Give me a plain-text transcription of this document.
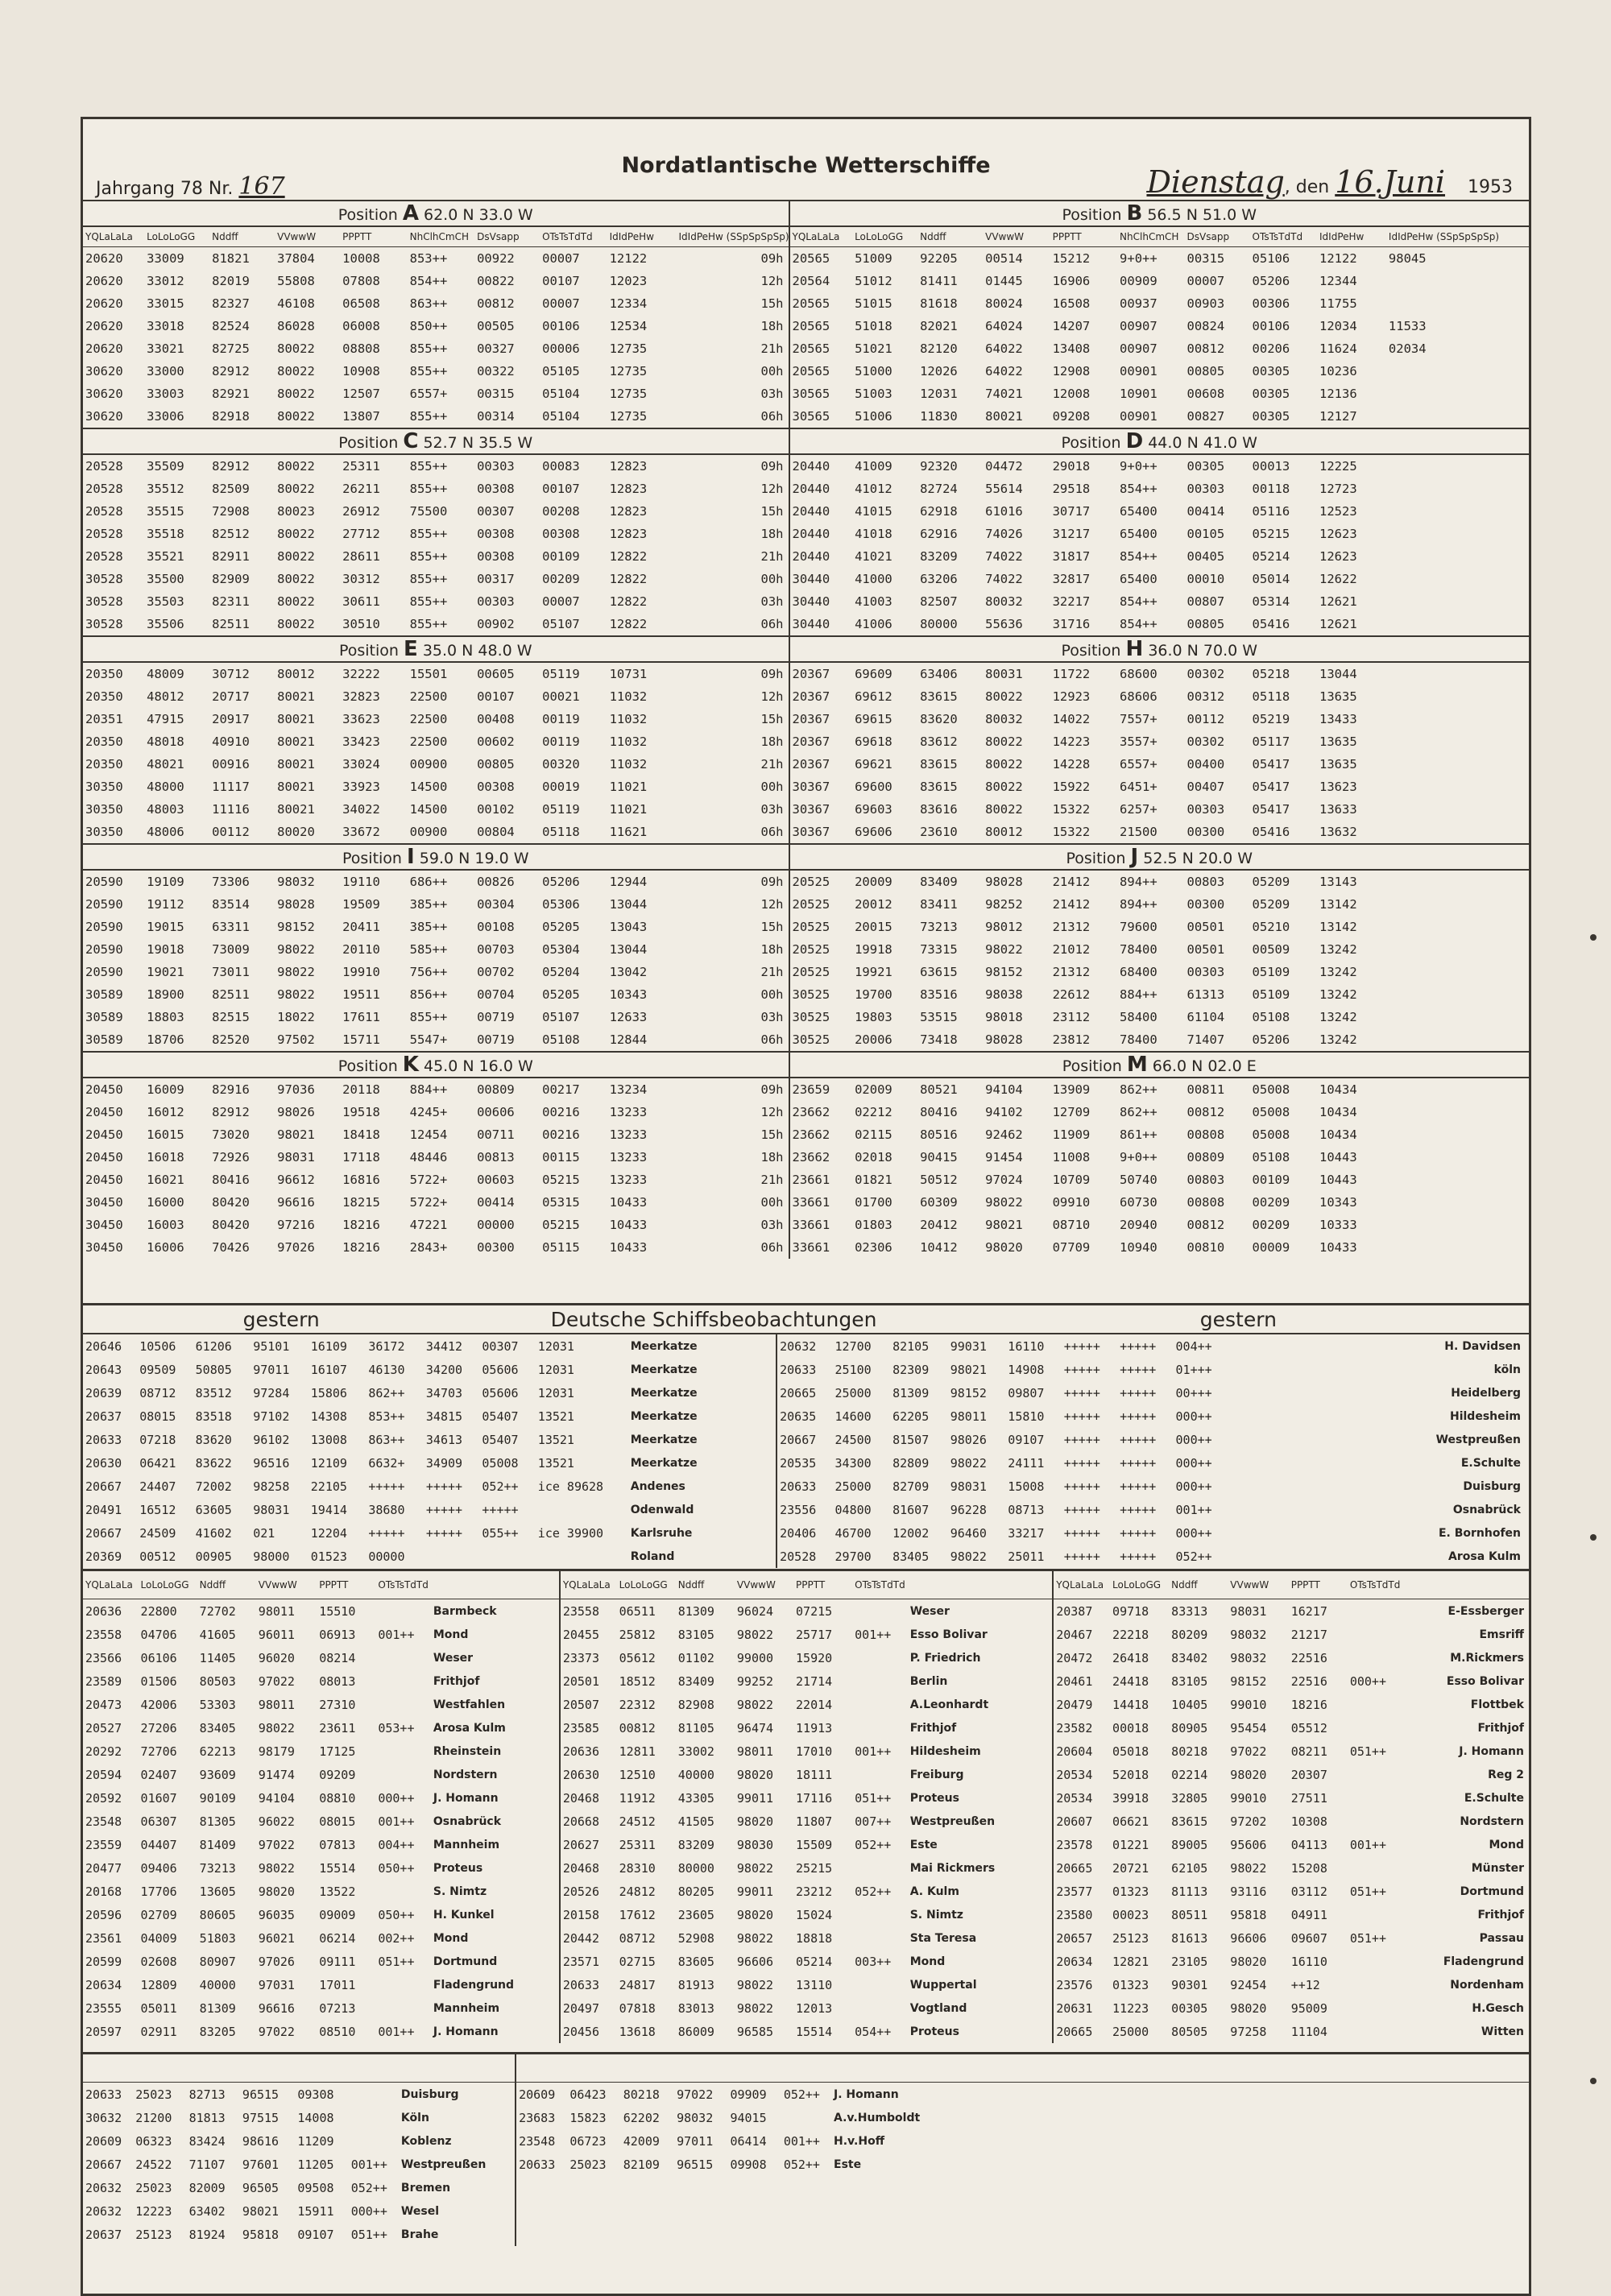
Jahrgang 78 Nr. 167
Nordatlantische Wetterschiffe	Dienstag, den 16.Juni 1953
Position A 62.0 N 33.0 W											Position B 56.5 N 51.0 W										
YQLaLaLa	LoLoLoGG	Nddff	VVwwW	PPPTT	NhClhCmCH	DsVsapp	OTsTsTdTd	IdIdPeHw	IdIdPeHw (SSpSpSpSp)		YQLaLaLa	LoLoLoGG	Nddff	VVwwW	PPPTT	NhClhCmCH	DsVsapp	OTsTsTdTd	IdIdPeHw	IdIdPeHw (SSpSpSpSp)	
20620	33009	81821	37804	10008	853++	00922	00007	12122		09h	20565	51009	92205	00514	15212	9+0++	00315	05106	12122	98045	
20620	33012	82019	55808	07808	854++	00822	00107	12023		12h	20564	51012	81411	01445	16906	00909	00007	05206	12344		
20620	33015	82327	46108	06508	863++	00812	00007	12334		15h	20565	51015	81618	80024	16508	00937	00903	00306	11755		
20620	33018	82524	86028	06008	850++	00505	00106	12534		18h	20565	51018	82021	64024	14207	00907	00824	00106	12034	11533	
20620	33021	82725	80022	08808	855++	00327	00006	12735		21h	20565	51021	82120	64022	13408	00907	00812	00206	11624	02034	
30620	33000	82912	80022	10908	855++	00322	05105	12735		00h	20565	51000	12026	64022	12908	00901	00805	00305	10236		
30620	33003	82921	80022	12507	6557+	00315	05104	12735		03h	30565	51003	12031	74021	12008	10901	00608	00305	12136		
30620	33006	82918	80022	13807	855++	00314	05104	12735		06h	30565	51006	11830	80021	09208	00901	00827	00305	12127		
Position C 52.7 N 35.5 W											Position D 44.0 N 41.0 W										
20528	35509	82912	80022	25311	855++	00303	00083	12823		09h	20440	41009	92320	04472	29018	9+0++	00305	00013	12225		
20528	35512	82509	80022	26211	855++	00308	00107	12823		12h	20440	41012	82724	55614	29518	854++	00303	00118	12723		
20528	35515	72908	80023	26912	75500	00307	00208	12823		15h	20440	41015	62918	61016	30717	65400	00414	05116	12523		
20528	35518	82512	80022	27712	855++	00308	00308	12823		18h	20440	41018	62916	74026	31217	65400	00105	05215	12623		
20528	35521	82911	80022	28611	855++	00308	00109	12822		21h	20440	41021	83209	74022	31817	854++	00405	05214	12623		
30528	35500	82909	80022	30312	855++	00317	00209	12822		00h	30440	41000	63206	74022	32817	65400	00010	05014	12622		
30528	35503	82311	80022	30611	855++	00303	00007	12822		03h	30440	41003	82507	80032	32217	854++	00807	05314	12621		
30528	35506	82511	80022	30510	855++	00902	05107	12822		06h	30440	41006	80000	55636	31716	854++	00805	05416	12621		
Position E 35.0 N 48.0 W											Position H 36.0 N 70.0 W										
20350	48009	30712	80012	32222	15501	00605	05119	10731		09h	20367	69609	63406	80031	11722	68600	00302	05218	13044		
20350	48012	20717	80021	32823	22500	00107	00021	11032		12h	20367	69612	83615	80022	12923	68606	00312	05118	13635		
20351	47915	20917	80021	33623	22500	00408	00119	11032		15h	20367	69615	83620	80032	14022	7557+	00112	05219	13433		
20350	48018	40910	80021	33423	22500	00602	00119	11032		18h	20367	69618	83612	80022	14223	3557+	00302	05117	13635		
20350	48021	00916	80021	33024	00900	00805	00320	11032		21h	20367	69621	83615	80022	14228	6557+	00400	05417	13635		
30350	48000	11117	80021	33923	14500	00308	00019	11021		00h	30367	69600	83615	80022	15922	6451+	00407	05417	13623		
30350	48003	11116	80021	34022	14500	00102	05119	11021		03h	30367	69603	83616	80022	15322	6257+	00303	05417	13633		
30350	48006	00112	80020	33672	00900	00804	05118	11621		06h	30367	69606	23610	80012	15322	21500	00300	05416	13632		
Position I 59.0 N 19.0 W											Position J 52.5 N 20.0 W										
20590	19109	73306	98032	19110	686++	00826	05206	12944		09h	20525	20009	83409	98028	21412	894++	00803	05209	13143		
20590	19112	83514	98028	19509	385++	00304	05306	13044		12h	20525	20012	83411	98252	21412	894++	00300	05209	13142		
20590	19015	63311	98152	20411	385++	00108	05205	13043		15h	20525	20015	73213	98012	21312	79600	00501	05210	13142		
20590	19018	73009	98022	20110	585++	00703	05304	13044		18h	20525	19918	73315	98022	21012	78400	00501	00509	13242		
20590	19021	73011	98022	19910	756++	00702	05204	13042		21h	20525	19921	63615	98152	21312	68400	00303	05109	13242		
30589	18900	82511	98022	19511	856++	00704	05205	10343		00h	30525	19700	83516	98038	22612	884++	61313	05109	13242		
30589	18803	82515	18022	17611	855++	00719	05107	12633		03h	30525	19803	53515	98018	23112	58400	61104	05108	13242		
30589	18706	82520	97502	15711	5547+	00719	05108	12844		06h	30525	20006	73418	98028	23812	78400	71407	05206	13242		
Position K 45.0 N 16.0 W											Position M 66.0 N 02.0 E										
20450	16009	82916	97036	20118	884++	00809	00217	13234		09h	23659	02009	80521	94104	13909	862++	00811	05008	10434		
20450	16012	82912	98026	19518	4245+	00606	00216	13233		12h	23662	02212	80416	94102	12709	862++	00812	05008	10434		
20450	16015	73020	98021	18418	12454	00711	00216	13233		15h	23662	02115	80516	92462	11909	861++	00808	05008	10434		
20450	16018	72926	98031	17118	48446	00813	00115	13233		18h	23662	02018	90415	91454	11008	9+0++	00809	05108	10443		
20450	16021	80416	96612	16816	5722+	00603	05215	13233		21h	23661	01821	50512	97024	10709	50740	00803	00109	10443		
30450	16000	80420	96616	18215	5722+	00414	05315	10433		00h	33661	01700	60309	98022	09910	60730	00808	00209	10343		
30450	16003	80420	97216	18216	47221	00000	05215	10433		03h	33661	01803	20412	98021	08710	20940	00812	00209	10333		
30450	16006	70426	97026	18216	2843+	00300	05115	10433		06h	33661	02306	10412	98020	07709	10940	00810	00009	10433		
gestern							Deutsche Schiffsbeobachtungen						gestern					
20646	10506	61206	95101	16109	36172	34412	00307	12031	Meerkatze	20632	12700	82105	99031	16110	+++++	+++++	004++	H. Davidsen
20643	09509	50805	97011	16107	46130	34200	05606	12031	Meerkatze	20633	25100	82309	98021	14908	+++++	+++++	01+++	köln
20639	08712	83512	97284	15806	862++	34703	05606	12031	Meerkatze	20665	25000	81309	98152	09807	+++++	+++++	00+++	Heidelberg
20637	08015	83518	97102	14308	853++	34815	05407	13521	Meerkatze	20635	14600	62205	98011	15810	+++++	+++++	000++	Hildesheim
20633	07218	83620	96102	13008	863++	34613	05407	13521	Meerkatze	20667	24500	81507	98026	09107	+++++	+++++	000++	Westpreußen
20630	06421	83622	96516	12109	6632+	34909	05008	13521	Meerkatze	20535	34300	82809	98022	24111	+++++	+++++	000++	E.Schulte
20667	24407	72002	98258	22105	+++++	+++++	052++	ice 89628	Andenes	20633	25000	82709	98031	15008	+++++	+++++	000++	Duisburg
20491	16512	63605	98031	19414	38680	+++++	+++++		Odenwald	23556	04800	81607	96228	08713	+++++	+++++	001++	Osnabrück
20667	24509	41602	021	12204	+++++	+++++	055++	ice 39900	Karlsruhe	20406	46700	12002	96460	33217	+++++	+++++	000++	E. Bornhofen
20369	00512	00905	98000	01523	00000				Roland	20528	29700	83405	98022	25011	+++++	+++++	052++	Arosa Kulm
YQLaLaLa	LoLoLoGG	Nddff	VVwwW	PPPTT	OTsTsTdTd		YQLaLaLa	LoLoLoGG	Nddff	VVwwW	PPPTT	OTsTsTdTd		YQLaLaLa	LoLoLoGG	Nddff	VVwwW	PPPTT	OTsTsTdTd	
20636	22800	72702	98011	15510		Barmbeck	23558	06511	81309	96024	07215		Weser	20387	09718	83313	98031	16217		E-Essberger
23558	04706	41605	96011	06913	001++	Mond	20455	25812	83105	98022	25717	001++	Esso Bolivar	20467	22218	80209	98032	21217		Emsriff
23566	06106	11405	96020	08214		Weser	23373	05612	01102	99000	15920		P. Friedrich	20472	26418	83402	98032	22516		M.Rickmers
23589	01506	80503	97022	08013		Frithjof	20501	18512	83409	99252	21714		Berlin	20461	24418	83105	98152	22516	000++	Esso Bolivar
20473	42006	53303	98011	27310		Westfahlen	20507	22312	82908	98022	22014		A.Leonhardt	20479	14418	10405	99010	18216		Flottbek
20527	27206	83405	98022	23611	053++	Arosa Kulm	23585	00812	81105	96474	11913		Frithjof	23582	00018	80905	95454	05512		Frithjof
20292	72706	62213	98179	17125		Rheinstein	20636	12811	33002	98011	17010	001++	Hildesheim	20604	05018	80218	97022	08211	051++	J. Homann
20594	02407	93609	91474	09209		Nordstern	20630	12510	40000	98020	18111		Freiburg	20534	52018	02214	98020	20307		Reg 2
20592	01607	90109	94104	08810	000++	J. Homann	20468	11912	43305	99011	17116	051++	Proteus	20534	39918	32805	99010	27511		E.Schulte
23548	06307	81305	96022	08015	001++	Osnabrück	20668	24512	41505	98020	11807	007++	Westpreußen	20607	06621	83615	97202	10308		Nordstern
23559	04407	81409	97022	07813	004++	Mannheim	20627	25311	83209	98030	15509	052++	Este	23578	01221	89005	95606	04113	001++	Mond
20477	09406	73213	98022	15514	050++	Proteus	20468	28310	80000	98022	25215		Mai Rickmers	20665	20721	62105	98022	15208		Münster
20168	17706	13605	98020	13522		S. Nimtz	20526	24812	80205	99011	23212	052++	A. Kulm	23577	01323	81113	93116	03112	051++	Dortmund
20596	02709	80605	96035	09009	050++	H. Kunkel	20158	17612	23605	98020	15024		S. Nimtz	23580	00023	80511	95818	04911		Frithjof
23561	04009	51803	96021	06214	002++	Mond	20442	08712	52908	98022	18818		Sta Teresa	20657	25123	81613	96606	09607	051++	Passau
20599	02608	80907	97026	09111	051++	Dortmund	23571	02715	83605	96606	05214	003++	Mond	20634	12821	23105	98020	16110		Fladengrund
20634	12809	40000	97031	17011		Fladengrund	20633	24817	81913	98022	13110		Wuppertal	23576	01323	90301	92454	++12		Nordenham
23555	05011	81309	96616	07213		Mannheim	20497	07818	83013	98022	12013		Vogtland	20631	11223	00305	98020	95009		H.Gesch
20597	02911	83205	97022	08510	001++	J. Homann	20456	13618	86009	96585	15514	054++	Proteus	20665	25000	80505	97258	11104		Witten

20633	25023	82713	96515	09308		Duisburg	20609	06423	80218	97022	09909	052++	J. Homann
30632	21200	81813	97515	14008		Köln	23683	15823	62202	98032	94015		A.v.Humboldt
20609	06323	83424	98616	11209		Koblenz	23548	06723	42009	97011	06414	001++	H.v.Hoff
20667	24522	71107	97601	11205	001++	Westpreußen	20633	25023	82109	96515	09908	052++	Este
20632	25023	82009	96505	09508	052++	Bremen							
20632	12223	63402	98021	15911	000++	Wesel							
20637	25123	81924	95818	09107	051++	Brahe							
